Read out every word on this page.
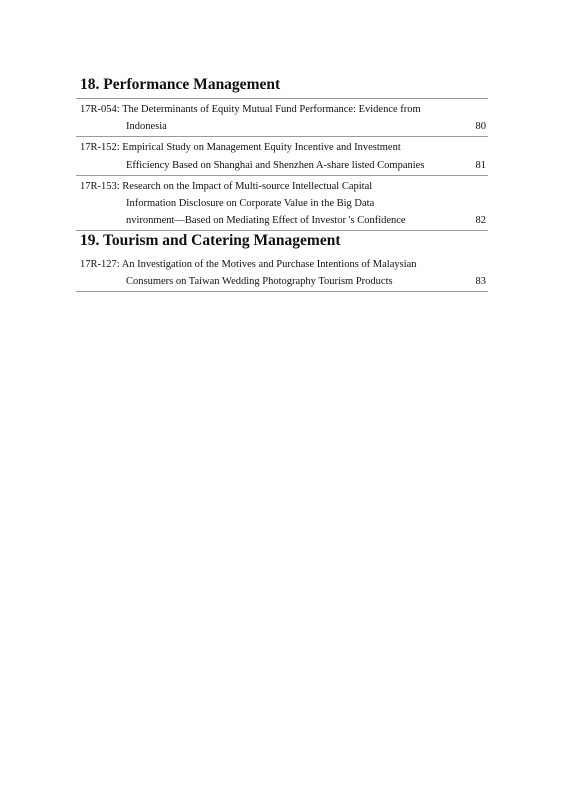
18. Performance Management
17R-054: The Determinants of Equity Mutual Fund Performance: Evidence from
Indonesia	80
17R-152: Empirical Study on Management Equity Incentive and Investment
Efficiency Based on Shanghai and Shenzhen A-share listed Companies	81
17R-153: Research on the Impact of Multi-source Intellectual Capital
Information Disclosure on Corporate Value in the Big Data
nvironment—Based on Mediating Effect of Investor 's Confidence	82
19. Tourism and Catering Management
17R-127: An Investigation of the Motives and Purchase Intentions of Malaysian
Consumers on Taiwan Wedding Photography Tourism Products	83
